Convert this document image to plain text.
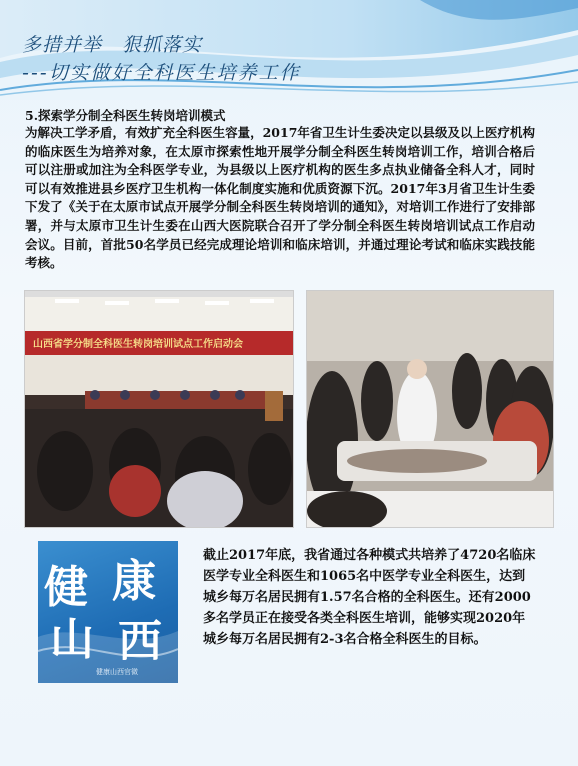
多措并举　狠抓落实
---切实做好全科医生培养工作
5.探索学分制全科医生转岗培训模式

为解决工学矛盾，有效扩充全科医生容量，2017年省卫生计生委决定以县级及以上医疗机构的临床医生为培养对象，在太原市探索性地开展学分制全科医生转岗培训工作，培训合格后可以注册或加注为全科医学专业，为县级以上医疗机构的医生多点执业储备全科人才，同时可以有效推进县乡医疗卫生机构一体化制度实施和优质资源下沉。2017年3月省卫生计生委下发了《关于在太原市试点开展学分制全科医生转岗培训的通知》，对培训工作进行了安排部署，并与太原市卫生计生委在山西大医院联合召开了学分制全科医生转岗培训试点工作启动会议。目前，首批50名学员已经完成理论培训和临床培训，并通过理论考试和临床实践技能考核。

山西省学分制全科医生转岗培训试点工作启动会
健 康
山 西
健康山西官微

截止2017年底，我省通过各种模式共培养了4720名临床医学专业全科医生和1065名中医学专业全科医生，达到城乡每万名居民拥有1.57名合格的全科医生。还有2000多名学员正在接受各类全科医生培训，能够实现2020年城乡每万名居民拥有2-3名合格全科医生的目标。
